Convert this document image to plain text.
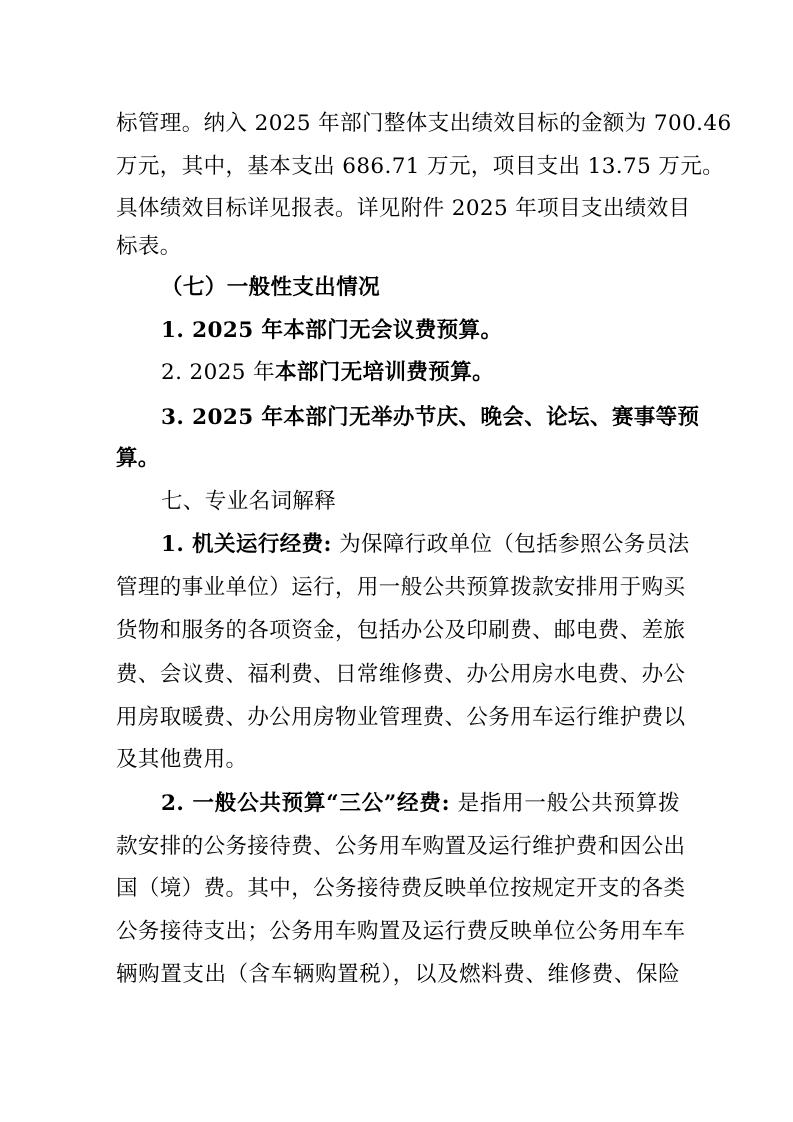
标管理。纳入 2025 年部门整体支出绩效目标的金额为 700.46
万元，其中，基本支出 686.71 万元，项目支出 13.75 万元。
具体绩效目标详见报表。详见附件 2025 年项目支出绩效目
标表。
（七）一般性支出情况
1. 2025 年本部门无会议费预算。
2. 2025 年本部门无培训费预算。
3. 2025 年本部门无举办节庆、晚会、论坛、赛事等预
算。
七、专业名词解释
1. 机关运行经费: 为保障行政单位（包括参照公务员法
管理的事业单位）运行，用一般公共预算拨款安排用于购买
货物和服务的各项资金，包括办公及印刷费、邮电费、差旅
费、会议费、福利费、日常维修费、办公用房水电费、办公
用房取暖费、办公用房物业管理费、公务用车运行维护费以
及其他费用。
2. 一般公共预算“三公”经费: 是指用一般公共预算拨
款安排的公务接待费、公务用车购置及运行维护费和因公出
国（境）费。其中，公务接待费反映单位按规定开支的各类
公务接待支出；公务用车购置及运行费反映单位公务用车车
辆购置支出（含车辆购置税），以及燃料费、维修费、保险
